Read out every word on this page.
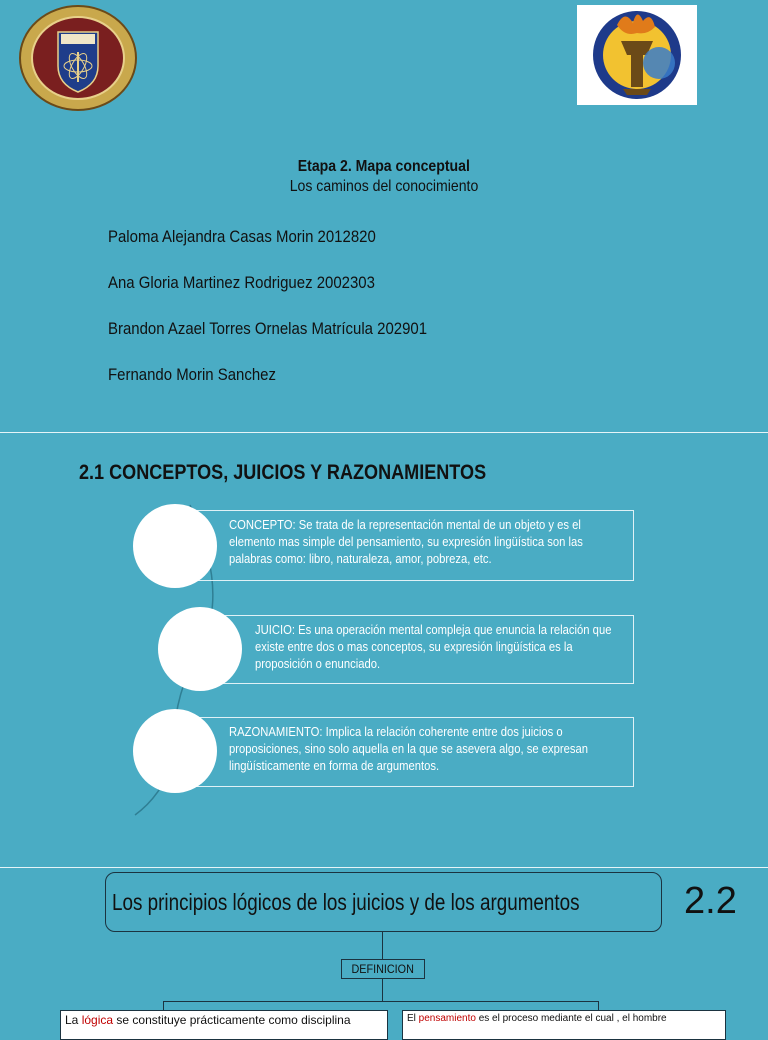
Etapa 2. Mapa conceptual
Los caminos del conocimiento
Paloma Alejandra Casas Morin 2012820
Ana Gloria Martinez Rodriguez 2002303
Brandon Azael Torres Ornelas Matrícula 202901
Fernando Morin Sanchez
2.1 CONCEPTOS, JUICIOS Y RAZONAMIENTOS
CONCEPTO: Se trata de la representación mental de un objeto y es el elemento mas simple del pensamiento, su expresión lingüística son las palabras como: libro, naturaleza, amor, pobreza, etc.
JUICIO: Es una operación mental compleja que enuncia la relación que existe entre dos o mas conceptos, su expresión lingüística es la proposición o enunciado.
RAZONAMIENTO: Implica la relación coherente entre dos juicios o proposiciones, sino solo aquella en la que se asevera algo, se expresan lingüísticamente en forma de argumentos.
Los principios lógicos de los juicios y de los argumentos	2.2
DEFINICION
La lógica se constituye prácticamente como disciplina	El pensamiento es el proceso mediante el cual , el hombre
